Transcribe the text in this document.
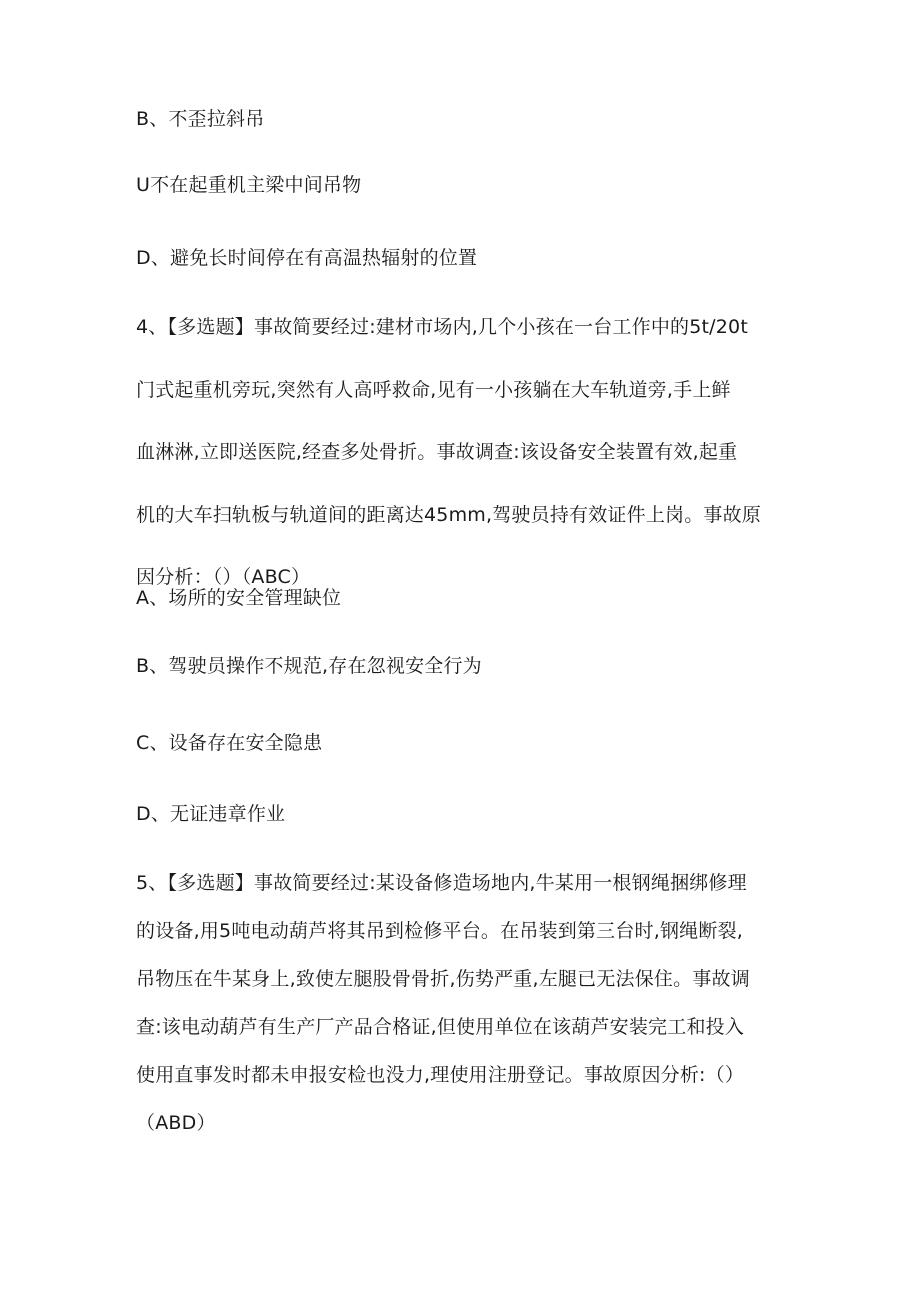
B、不歪拉斜吊
U不在起重机主梁中间吊物
D、避免长时间停在有高温热辐射的位置
4、【多选题】事故简要经过:建材市场内,几个小孩在一台工作中的5t∕20t
门式起重机旁玩,突然有人高呼救命,见有一小孩躺在大车轨道旁,手上鲜
血淋淋,立即送医院,经查多处骨折。事故调查:该设备安全装置有效,起重
机的大车扫轨板与轨道间的距离达45mm,驾驶员持有效证件上岗。事故原
因分析：（）（ABC）
A、场所的安全管理缺位
B、驾驶员操作不规范,存在忽视安全行为
C、设备存在安全隐患
D、无证违章作业
5、【多选题】事故简要经过:某设备修造场地内,牛某用一根钢绳捆绑修理
的设备,用5吨电动葫芦将其吊到检修平台。在吊装到第三台时,钢绳断裂,
吊物压在牛某身上,致使左腿股骨骨折,伤势严重,左腿已无法保住。事故调
查:该电动葫芦有生产厂产品合格证,但使用单位在该葫芦安装完工和投入
使用直事发时都未申报安检也没力,理使用注册登记。事故原因分析:（）
（ABD）
